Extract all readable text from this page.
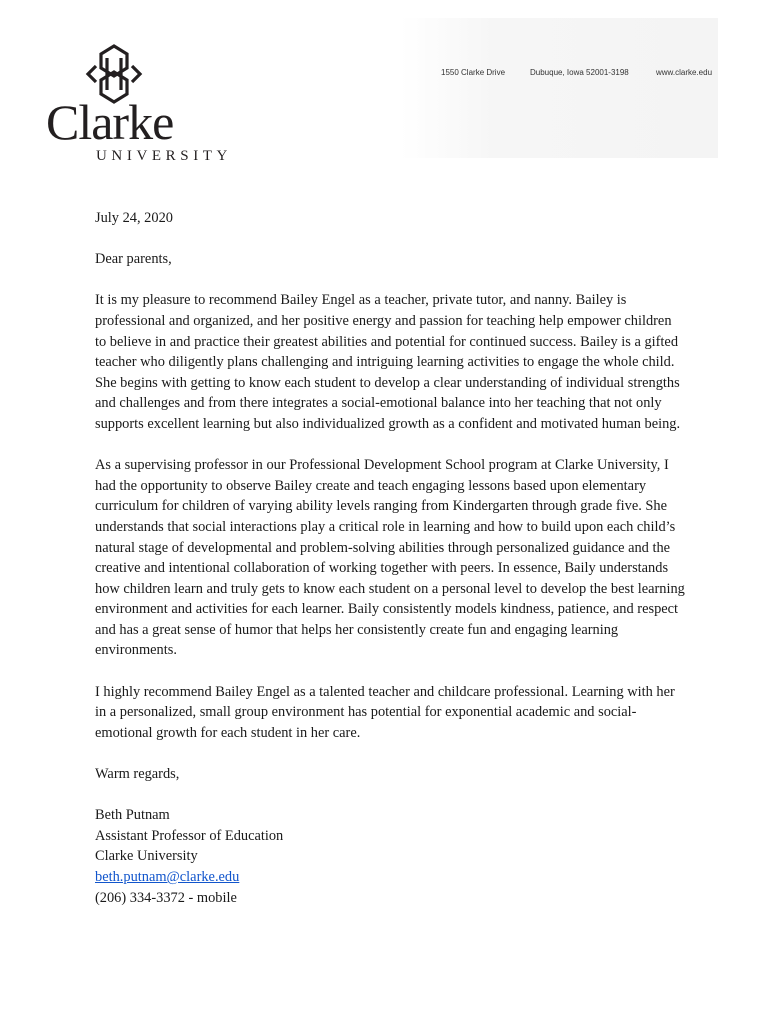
Clarke
UNIVERSITY
1550 Clarke Drive	Dubuque, Iowa 52001-3198	www.clarke.edu

July 24, 2020

Dear parents,

It is my pleasure to recommend Bailey Engel as a teacher, private tutor, and nanny. Bailey is professional and organized, and her positive energy and passion for teaching help empower children to believe in and practice their greatest abilities and potential for continued success. Bailey is a gifted teacher who diligently plans challenging and intriguing learning activities to engage the whole child. She begins with getting to know each student to develop a clear understanding of individual strengths and challenges and from there integrates a social-emotional balance into her teaching that not only supports excellent learning but also individualized growth as a confident and motivated human being.

As a supervising professor in our Professional Development School program at Clarke University, I had the opportunity to observe Bailey create and teach engaging lessons based upon elementary curriculum for children of varying ability levels ranging from Kindergarten through grade five. She understands that social interactions play a critical role in learning and how to build upon each child’s natural stage of developmental and problem-solving abilities through personalized guidance and the creative and intentional collaboration of working together with peers. In essence, Baily understands how children learn and truly gets to know each student on a personal level to develop the best learning environment and activities for each learner. Baily consistently models kindness, patience, and respect and has a great sense of humor that helps her consistently create fun and engaging learning environments.

I highly recommend Bailey Engel as a talented teacher and childcare professional. Learning with her in a personalized, small group environment has potential for exponential academic and social-emotional growth for each student in her care.

Warm regards,

Beth Putnam
Assistant Professor of Education
Clarke University
beth.putnam@clarke.edu
(206) 334-3372 - mobile
